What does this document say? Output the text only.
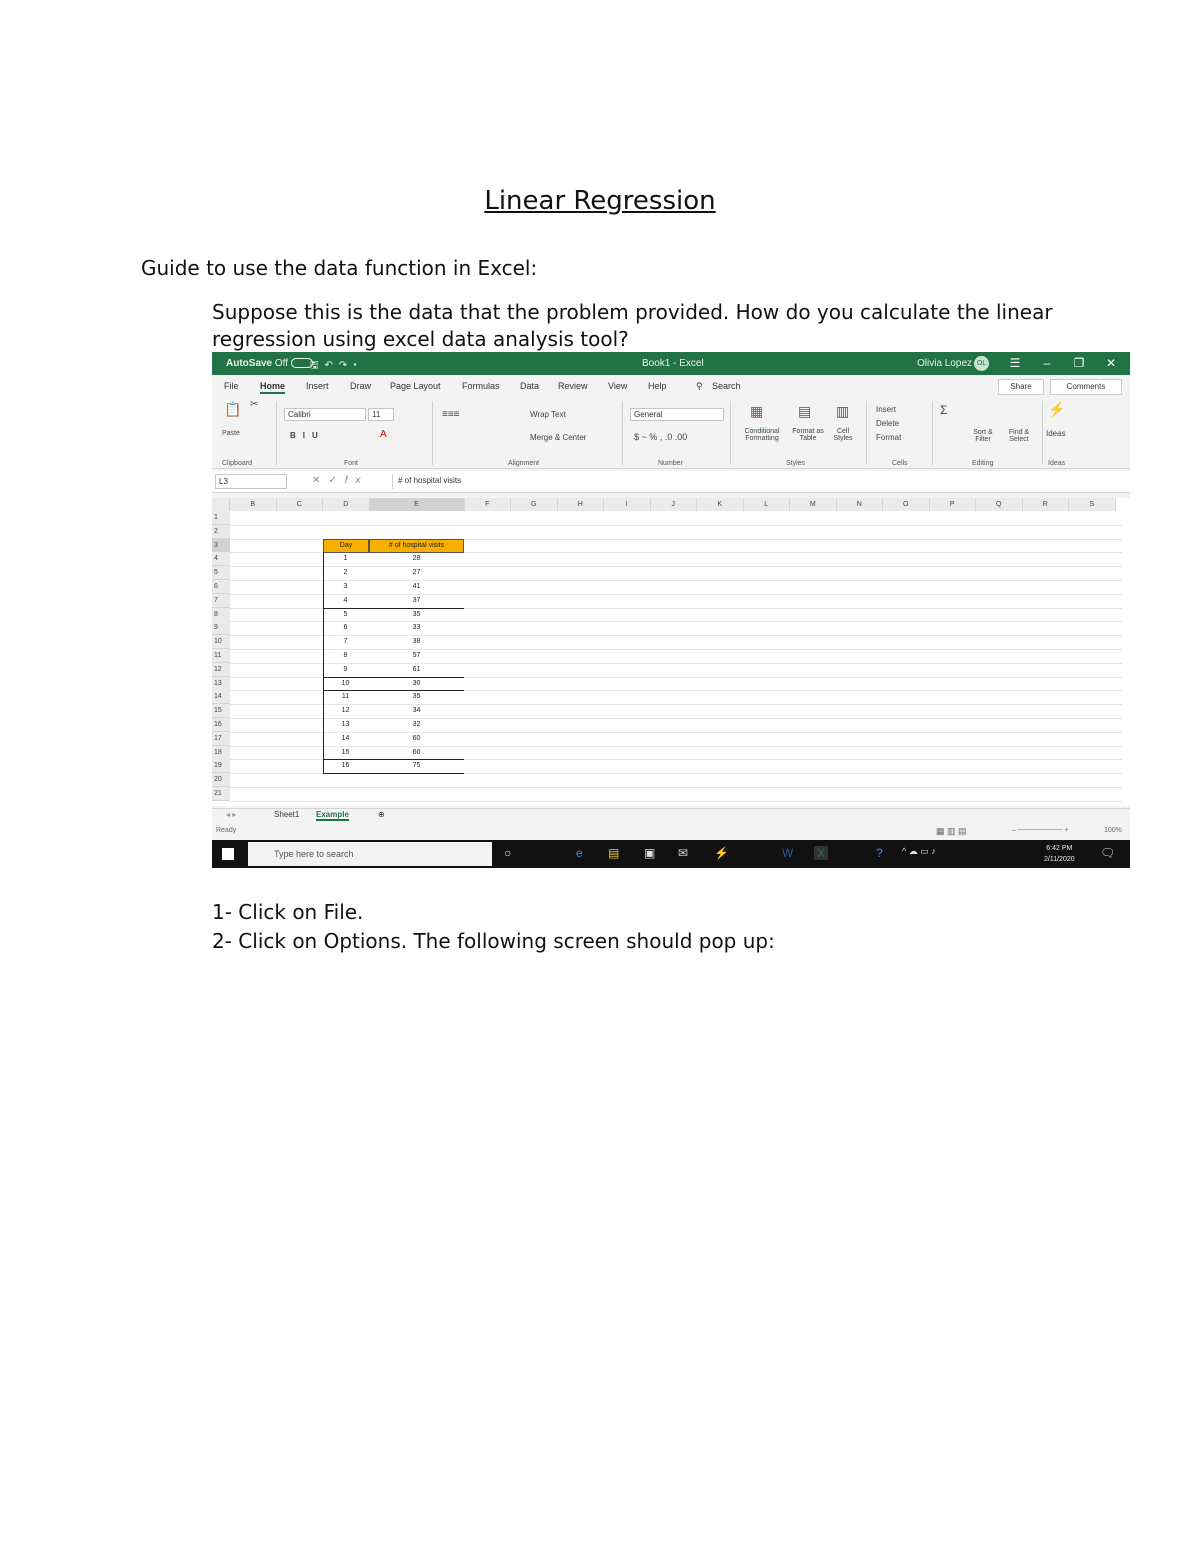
Linear Regression
Guide to use the data function in Excel:
Suppose this is the data that the problem provided. How do you calculate the linear regression using excel data analysis tool?
AutoSave Off	🖫↶↷▾	Book1 - Excel	Olivia Lopez OL	☰	–	❐	✕
File Home Insert Draw Page Layout Formulas Data Review View Help	⚲ Search	Share	Comments
📋
Paste
✂
Clipboard
Calibri	11
BIU	A
Font
≡≡≡	Wrap Text
Merge & Center
Alignment
General
$ ~ % , .0 .00
Number
▦
Conditional Formatting
▤
Format as Table
▥
Cell Styles
Styles
Insert
Delete
Format
Cells
Σ
Sort & Filter
Find & Select
Editing
⚡
Ideas
Ideas
L3	✕✓fx	# of hospital visits
B	C	D	E	F	G	H	I	J	K	L	M	N	O	P	Q	R	S
1
2
3
4
5
6
7
8
9
10
11
12
13
14
15
16
17
18
19
20
21
Day	# of hospital visits
1	28
2	27
3	41
4	37
5	35
6	33
7	38
8	57
9	61
10	30
11	35
12	34
13	32
14	60
15	60
16	75
◂ ▸	Sheet1 Example	⊕
Ready	▦ ▥ ▤	– ───────── +	100%
Type here to search	○	e ▤ ▣ ✉ ⚡	W X	? ^ ☁ ▭ ♪	6:42 PM
2/11/2020 🗨
1- Click on File.
2- Click on Options. The following screen should pop up:
